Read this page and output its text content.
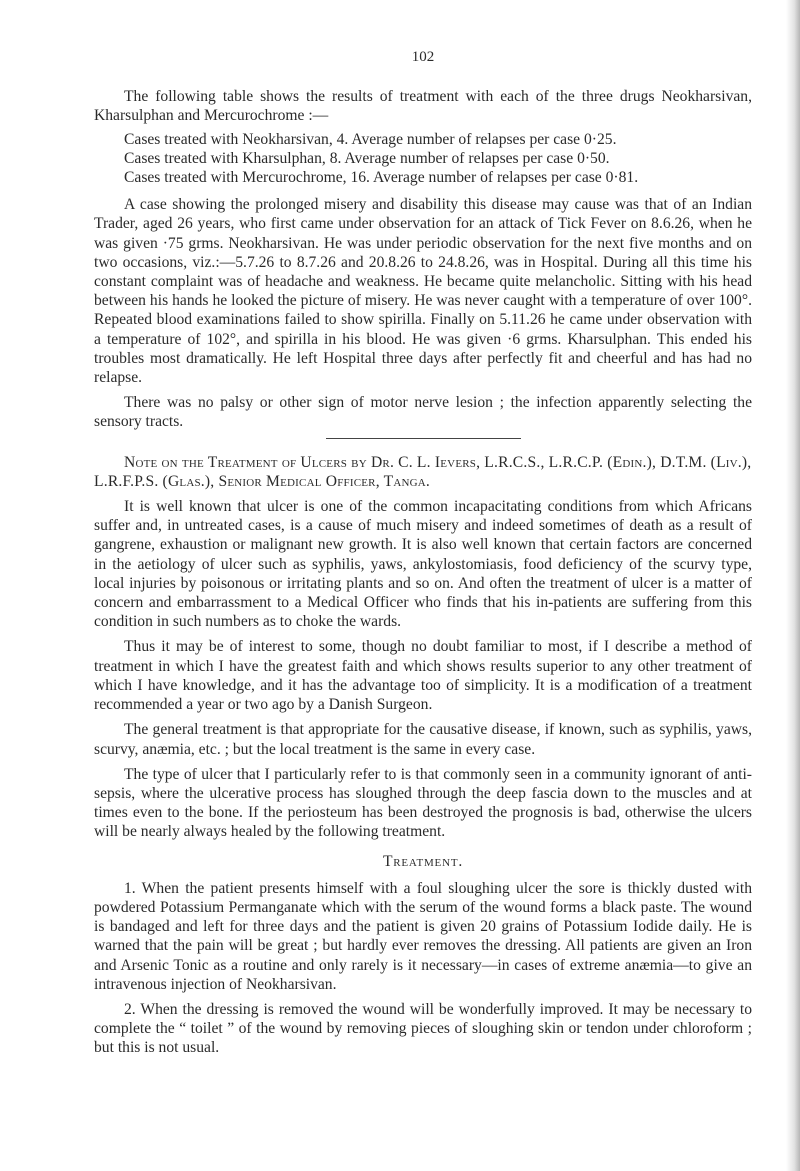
102

The following table shows the results of treatment with each of the three drugs Neokharsivan, Kharsulphan and Mercurochrome :—

Cases treated with Neokharsivan, 4. Average number of relapses per case 0·25.
Cases treated with Kharsulphan, 8. Average number of relapses per case 0·50.
Cases treated with Mercurochrome, 16. Average number of relapses per case 0·81.

A case showing the prolonged misery and disability this disease may cause was that of an Indian Trader, aged 26 years, who first came under observation for an attack of Tick Fever on 8.6.26, when he was given ·75 grms. Neokharsivan. He was under periodic observation for the next five months and on two occasions, viz.:—5.7.26 to 8.7.26 and 20.8.26 to 24.8.26, was in Hospital. During all this time his constant complaint was of headache and weakness. He became quite melancholic. Sitting with his head between his hands he looked the picture of misery. He was never caught with a temperature of over 100°. Repeated blood examinations failed to show spirilla. Finally on 5.11.26 he came under observation with a temperature of 102°, and spirilla in his blood. He was given ·6 grms. Kharsulphan. This ended his troubles most dramatically. He left Hospital three days after perfectly fit and cheerful and has had no relapse.

There was no palsy or other sign of motor nerve lesion ; the infection apparently selecting the sensory tracts.

Note on the Treatment of Ulcers by Dr. C. L. Ievers, L.R.C.S., L.R.C.P. (Edin.), D.T.M. (Liv.), L.R.F.P.S. (Glas.), Senior Medical Officer, Tanga.

It is well known that ulcer is one of the common incapacitating conditions from which Africans suffer and, in untreated cases, is a cause of much misery and indeed sometimes of death as a result of gangrene, exhaustion or malignant new growth. It is also well known that certain factors are concerned in the aetiology of ulcer such as syphilis, yaws, ankylostomiasis, food deficiency of the scurvy type, local injuries by poisonous or irritating plants and so on. And often the treatment of ulcer is a matter of concern and embarrassment to a Medical Officer who finds that his in-patients are suffering from this condition in such numbers as to choke the wards.

Thus it may be of interest to some, though no doubt familiar to most, if I describe a method of treatment in which I have the greatest faith and which shows results superior to any other treatment of which I have knowledge, and it has the advantage too of simplicity. It is a modification of a treatment recommended a year or two ago by a Danish Surgeon.

The general treatment is that appropriate for the causative disease, if known, such as syphilis, yaws, scurvy, anæmia, etc. ; but the local treatment is the same in every case.

The type of ulcer that I particularly refer to is that commonly seen in a community ignorant of anti-sepsis, where the ulcerative process has sloughed through the deep fascia down to the muscles and at times even to the bone. If the periosteum has been destroyed the prognosis is bad, otherwise the ulcers will be nearly always healed by the following treatment.

Treatment.

1. When the patient presents himself with a foul sloughing ulcer the sore is thickly dusted with powdered Potassium Permanganate which with the serum of the wound forms a black paste. The wound is bandaged and left for three days and the patient is given 20 grains of Potassium Iodide daily. He is warned that the pain will be great ; but hardly ever removes the dressing. All patients are given an Iron and Arsenic Tonic as a routine and only rarely is it necessary—in cases of extreme anæmia—to give an intravenous injection of Neokharsivan.

2. When the dressing is removed the wound will be wonderfully improved. It may be necessary to complete the “ toilet ” of the wound by removing pieces of sloughing skin or tendon under chloroform ; but this is not usual.
